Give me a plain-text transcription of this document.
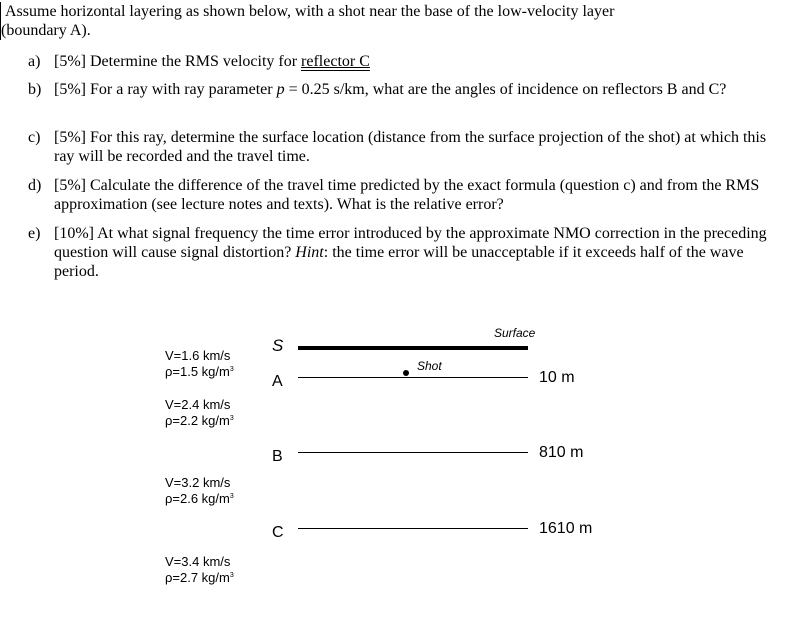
Assume horizontal layering as shown below, with a shot near the base of the low-velocity layer
(boundary A).
a) [5%] Determine the RMS velocity for reflector C
b) [5%] For a ray with ray parameter p = 0.25 s/km, what are the angles of incidence on reflectors B and C?
c) [5%] For this ray, determine the surface location (distance from the surface projection of the shot) at which this ray will be recorded and the travel time.
d) [5%] Calculate the difference of the travel time predicted by the exact formula (question c) and from the RMS approximation (see lecture notes and texts). What is the relative error?
e) [10%] At what signal frequency the time error introduced by the approximate NMO correction in the preceding question will cause signal distortion? Hint: the time error will be unacceptable if it exceeds half of the wave period.
Surface
S
Shot
A	10 m
B	810 m
C	1610 m
V=1.6 km/s
ρ=1.5 $kg/m^3$
V=2.4 km/s
ρ=2.2 $kg/m^3$
V=3.2 km/s
ρ=2.6 $kg/m^3$
V=3.4 km/s
ρ=2.7 $kg/m^3$
